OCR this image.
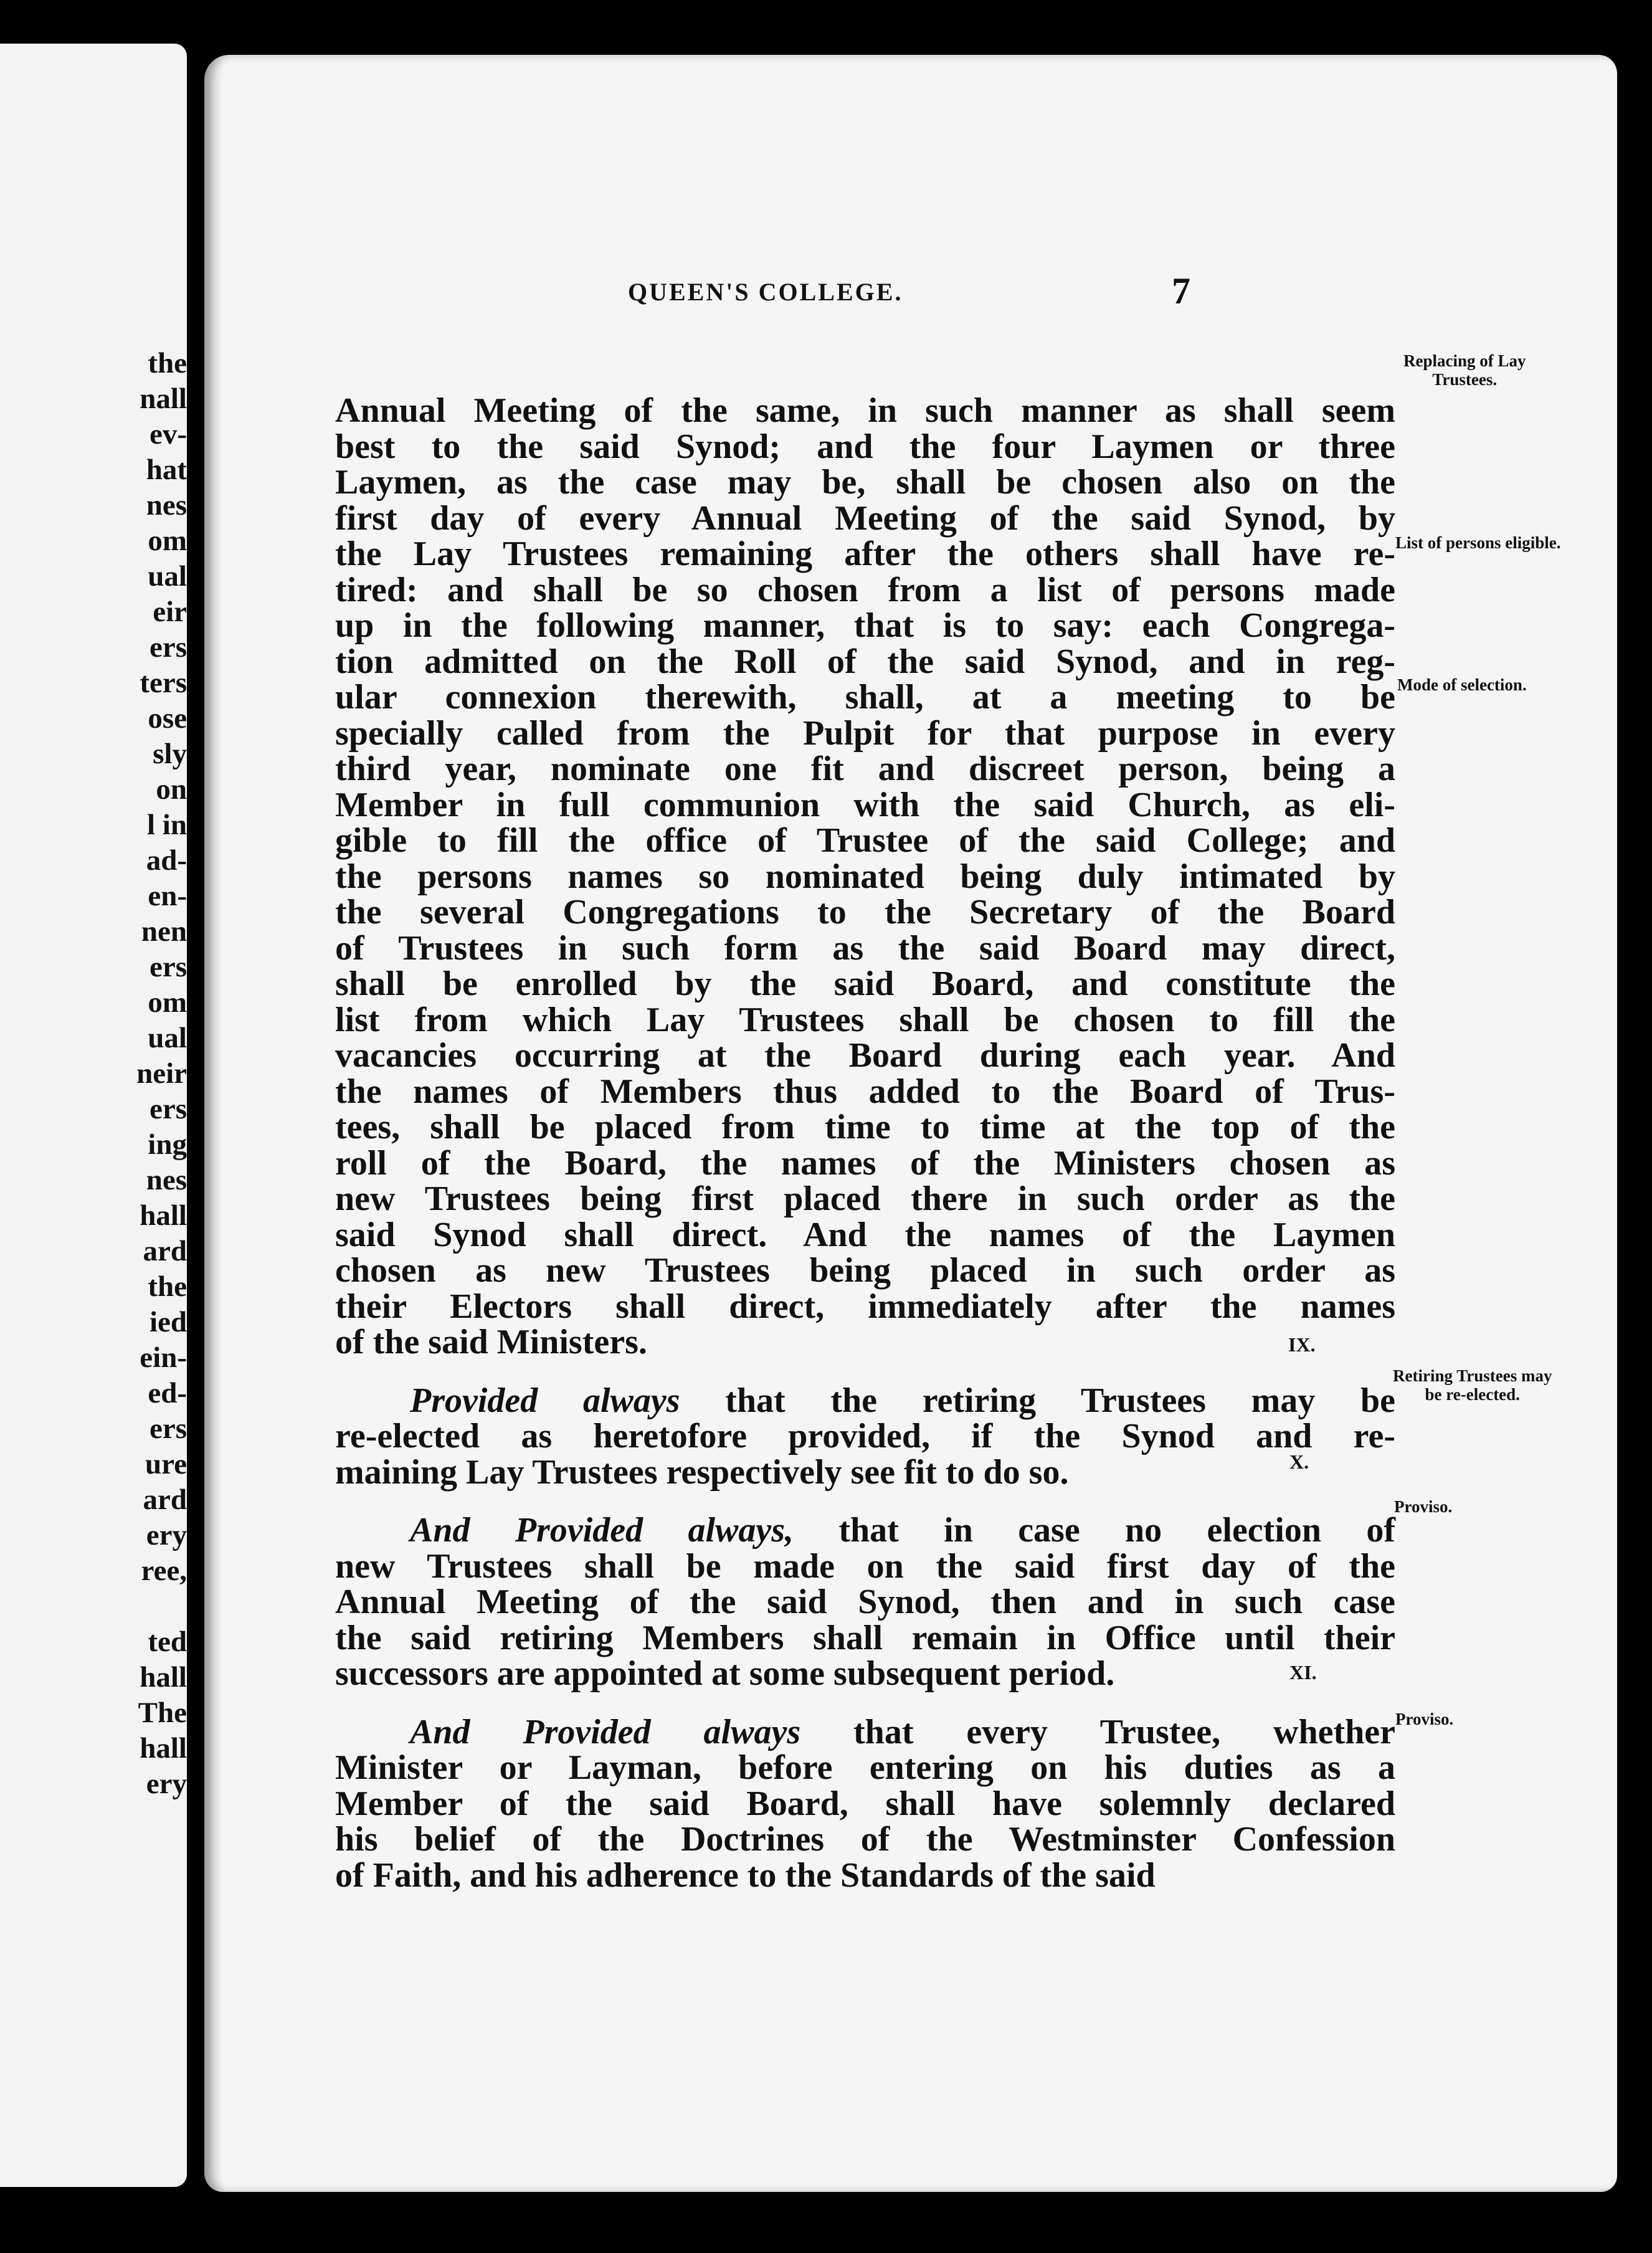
the
nall
ev-
hat
nes
om
ual
eir
ers
ters
ose
sly
on
l in
ad-
en-
nen
ers
om
ual
neir
ers
ing
nes
hall
ard
the
ied
ein-
ed-
ers
ure
ard
ery
ree,
ted
hall
The
hall
ery
QUEEN'S COLLEGE.	7
Annual Meeting of the same, in such manner as shall seem
best to the said Synod; and the four Laymen or three
Laymen, as the case may be, shall be chosen also on the
first day of every Annual Meeting of the said Synod, by
the Lay Trustees remaining after the others shall have re-
tired: and shall be so chosen from a list of persons made
up in the following manner, that is to say: each Congrega-
tion admitted on the Roll of the said Synod, and in reg-
ular connexion therewith, shall, at a meeting to be
specially called from the Pulpit for that purpose in every
third year, nominate one fit and discreet person, being a
Member in full communion with the said Church, as eli-
gible to fill the office of Trustee of the said College; and
the persons names so nominated being duly intimated by
the several Congregations to the Secretary of the Board
of Trustees in such form as the said Board may direct,
shall be enrolled by the said Board, and constitute the
list from which Lay Trustees shall be chosen to fill the
vacancies occurring at the Board during each year. And
the names of Members thus added to the Board of Trus-
tees, shall be placed from time to time at the top of the
roll of the Board, the names of the Ministers chosen as
new Trustees being first placed there in such order as the
said Synod shall direct. And the names of the Laymen
chosen as new Trustees being placed in such order as
their Electors shall direct, immediately after the names
of the said Ministers.
Provided always that the retiring Trustees may be
re-elected as heretofore provided, if the Synod and re-
maining Lay Trustees respectively see fit to do so.
And Provided always, that in case no election of
new Trustees shall be made on the said first day of the
Annual Meeting of the said Synod, then and in such case
the said retiring Members shall remain in Office until their
successors are appointed at some subsequent period.
And Provided always that every Trustee, whether
Minister or Layman, before entering on his duties as a
Member of the said Board, shall have solemnly declared
his belief of the Doctrines of the Westminster Confession
of Faith, and his adherence to the Standards of the said
Replacing of Lay
Trustees.
List of persons eligible.
Mode of selection.
IX.
Retiring Trustees may
be re-elected.
X.
Proviso.
XI.
Proviso.
